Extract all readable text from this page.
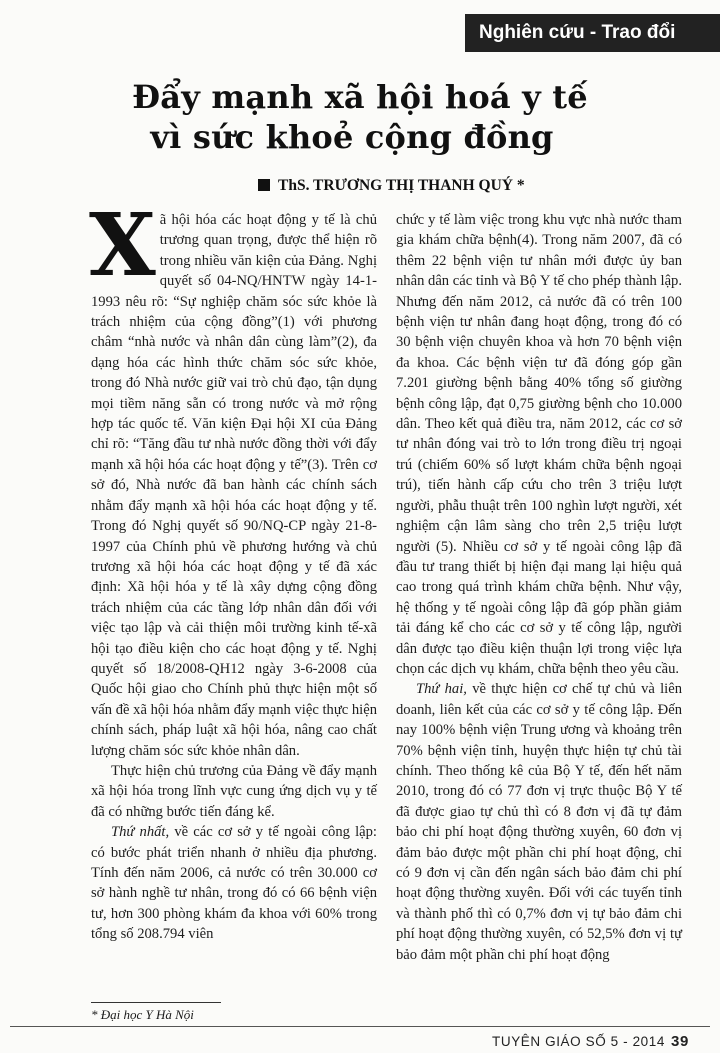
Nghiên cứu - Trao đổi
Đẩy mạnh xã hội hoá y tế
vì sức khoẻ cộng đồng
ThS. TRƯƠNG THỊ THANH QUÝ *

Xã hội hóa các hoạt động y tế là chủ trương quan trọng, được thể hiện rõ trong nhiều văn kiện của Đảng. Nghị quyết số 04-NQ/HNTW ngày 14-1-1993 nêu rõ: “Sự nghiệp chăm sóc sức khỏe là trách nhiệm của cộng đồng”(1) với phương châm “nhà nước và nhân dân cùng làm”(2), đa dạng hóa các hình thức chăm sóc sức khỏe, trong đó Nhà nước giữ vai trò chủ đạo, tận dụng mọi tiềm năng sẵn có trong nước và mở rộng hợp tác quốc tế. Văn kiện Đại hội XI của Đảng chỉ rõ: “Tăng đầu tư nhà nước đồng thời với đẩy mạnh xã hội hóa các hoạt động y tế”(3). Trên cơ sở đó, Nhà nước đã ban hành các chính sách nhằm đẩy mạnh xã hội hóa các hoạt động y tế. Trong đó Nghị quyết số 90/NQ-CP ngày 21-8-1997 của Chính phủ về phương hướng và chủ trương xã hội hóa các hoạt động y tế đã xác định: Xã hội hóa y tế là xây dựng cộng đồng trách nhiệm của các tầng lớp nhân dân đối với việc tạo lập và cải thiện môi trường kinh tế-xã hội tạo điều kiện cho các hoạt động y tế. Nghị quyết số 18/2008-QH12 ngày 3-6-2008 của Quốc hội giao cho Chính phủ thực hiện một số vấn đề xã hội hóa nhằm đẩy mạnh việc thực hiện chính sách, pháp luật xã hội hóa, nâng cao chất lượng chăm sóc sức khỏe nhân dân.

Thực hiện chủ trương của Đảng về đẩy mạnh xã hội hóa trong lĩnh vực cung ứng dịch vụ y tế đã có những bước tiến đáng kể.

Thứ nhất, về các cơ sở y tế ngoài công lập: có bước phát triển nhanh ở nhiều địa phương. Tính đến năm 2006, cả nước có trên 30.000 cơ sở hành nghề tư nhân, trong đó có 66 bệnh viện tư, hơn 300 phòng khám đa khoa với 60% trong tổng số 208.794 viên

chức y tế làm việc trong khu vực nhà nước tham gia khám chữa bệnh(4). Trong năm 2007, đã có thêm 22 bệnh viện tư nhân mới được ủy ban nhân dân các tỉnh và Bộ Y tế cho phép thành lập. Nhưng đến năm 2012, cả nước đã có trên 100 bệnh viện tư nhân đang hoạt động, trong đó có 30 bệnh viện chuyên khoa và hơn 70 bệnh viện đa khoa. Các bệnh viện tư đã đóng góp gần 7.201 giường bệnh bằng 40% tổng số giường bệnh công lập, đạt 0,75 giường bệnh cho 10.000 dân. Theo kết quả điều tra, năm 2012, các cơ sở tư nhân đóng vai trò to lớn trong điều trị ngoại trú (chiếm 60% số lượt khám chữa bệnh ngoại trú), tiến hành cấp cứu cho trên 3 triệu lượt người, phẫu thuật trên 100 nghìn lượt người, xét nghiệm cận lâm sàng cho trên 2,5 triệu lượt người (5). Nhiều cơ sở y tế ngoài công lập đã đầu tư trang thiết bị hiện đại mang lại hiệu quả cao trong quá trình khám chữa bệnh. Như vậy, hệ thống y tế ngoài công lập đã góp phần giảm tải đáng kể cho các cơ sở y tế công lập, người dân được tạo điều kiện thuận lợi trong việc lựa chọn các dịch vụ khám, chữa bệnh theo yêu cầu.

Thứ hai, về thực hiện cơ chế tự chủ và liên doanh, liên kết của các cơ sở y tế công lập. Đến nay 100% bệnh viện Trung ương và khoảng trên 70% bệnh viện tỉnh, huyện thực hiện tự chủ tài chính. Theo thống kê của Bộ Y tế, đến hết năm 2010, trong đó có 77 đơn vị trực thuộc Bộ Y tế đã được giao tự chủ thì có 8 đơn vị đã tự đảm bảo chi phí hoạt động thường xuyên, 60 đơn vị đảm bảo được một phần chi phí hoạt động, chỉ có 9 đơn vị cần đến ngân sách bảo đảm chi phí hoạt động thường xuyên. Đối với các tuyến tỉnh và thành phố thì có 0,7% đơn vị tự bảo đảm chi phí hoạt động thường xuyên, có 52,5% đơn vị tự bảo đảm một phần chi phí hoạt động

* Đại học Y Hà Nội
TUYÊN GIÁO SỐ 5 - 2014 39
